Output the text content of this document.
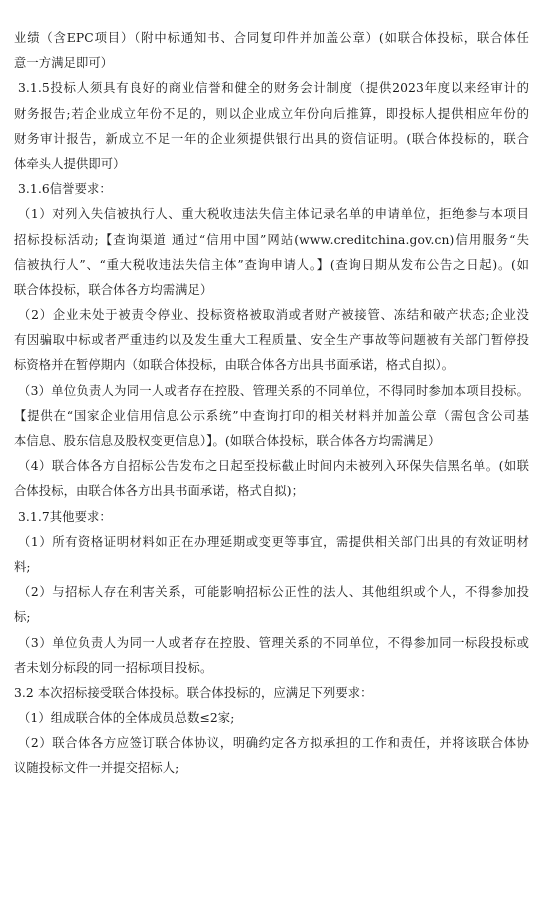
业绩（含EPC项目）（附中标通知书、合同复印件并加盖公章）(如联合体投标，联合体任
意一方满足即可）
3.1.5投标人须具有良好的商业信誉和健全的财务会计制度（提供2023年度以来经审计的
财务报告;若企业成立年份不足的，则以企业成立年份向后推算，即投标人提供相应年份的
财务审计报告，新成立不足一年的企业须提供银行出具的资信证明。(联合体投标的，联合
体牵头人提供即可）
3.1.6信誉要求：
（1）对列入失信被执行人、重大税收违法失信主体记录名单的申请单位，拒绝参与本项目
招标投标活动;【查询渠道 通过“信用中国”网站(www.creditchina.gov.cn)信用服务“失
信被执行人”、“重大税收违法失信主体”查询申请人。】(查询日期从发布公告之日起)。(如
联合体投标，联合体各方均需满足）
（2）企业未处于被责令停业、投标资格被取消或者财产被接管、冻结和破产状态;企业没
有因骗取中标或者严重违约以及发生重大工程质量、安全生产事故等问题被有关部门暂停投
标资格并在暂停期内（如联合体投标，由联合体各方出具书面承诺，格式自拟）。
（3）单位负责人为同一人或者存在控股、管理关系的不同单位，不得同时参加本项目投标。
【提供在“国家企业信用信息公示系统”中查询打印的相关材料并加盖公章（需包含公司基
本信息、股东信息及股权变更信息）】。(如联合体投标，联合体各方均需满足）
（4）联合体各方自招标公告发布之日起至投标截止时间内未被列入环保失信黑名单。(如联
合体投标，由联合体各方出具书面承诺，格式自拟)；
3.1.7其他要求：
（1）所有资格证明材料如正在办理延期或变更等事宜，需提供相关部门出具的有效证明材
料;
（2）与招标人存在利害关系，可能影响招标公正性的法人、其他组织或个人，不得参加投
标;
（3）单位负责人为同一人或者存在控股、管理关系的不同单位，不得参加同一标段投标或
者未划分标段的同一招标项目投标。
3.2 本次招标接受联合体投标。联合体投标的，应满足下列要求：
（1）组成联合体的全体成员总数≤2家;
（2）联合体各方应签订联合体协议，明确约定各方拟承担的工作和责任，并将该联合体协
议随投标文件一并提交招标人;
